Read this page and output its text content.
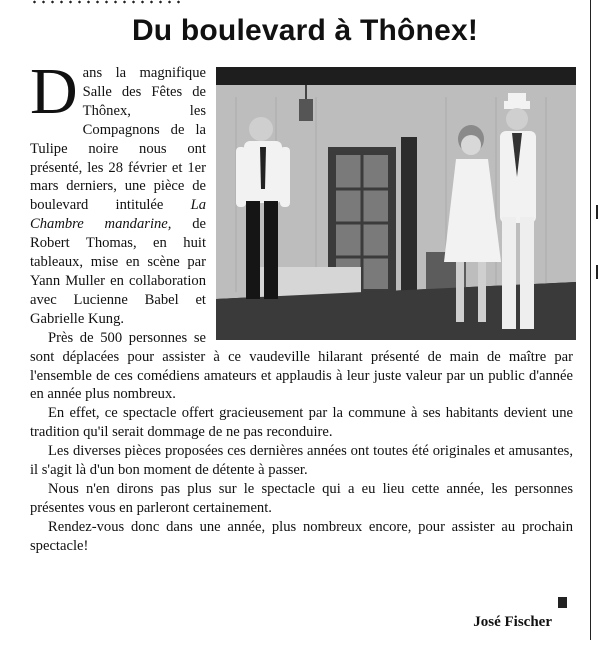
Du boulevard à Thônex!

Dans la magnifique Salle des Fêtes de Thônex, les Compagnons de la Tulipe noire nous ont présenté, les 28 février et 1er mars derniers, une pièce de boulevard intitulée La Chambre mandarine, de Robert Thomas, en huit tableaux, mise en scène par Yann Muller en collaboration avec Lucienne Babel et Gabrielle Kung.

Près de 500 personnes se sont déplacées pour assister à ce vaudeville hilarant présenté de main de maître par l'ensemble de ces comédiens amateurs et applaudis à leur juste valeur par un public d'année en année plus nombreux.

En effet, ce spectacle offert gracieusement par la commune à ses habitants devient une tradition qu'il serait dommage de ne pas reconduire.

Les diverses pièces proposées ces dernières années ont toutes été originales et amusantes, il s'agit là d'un bon moment de détente à passer.

Nous n'en dirons pas plus sur le spectacle qui a eu lieu cette année, les personnes présentes vous en parleront certainement.

Rendez-vous donc dans une année, plus nombreux encore, pour assister au prochain spectacle!

José Fischer
